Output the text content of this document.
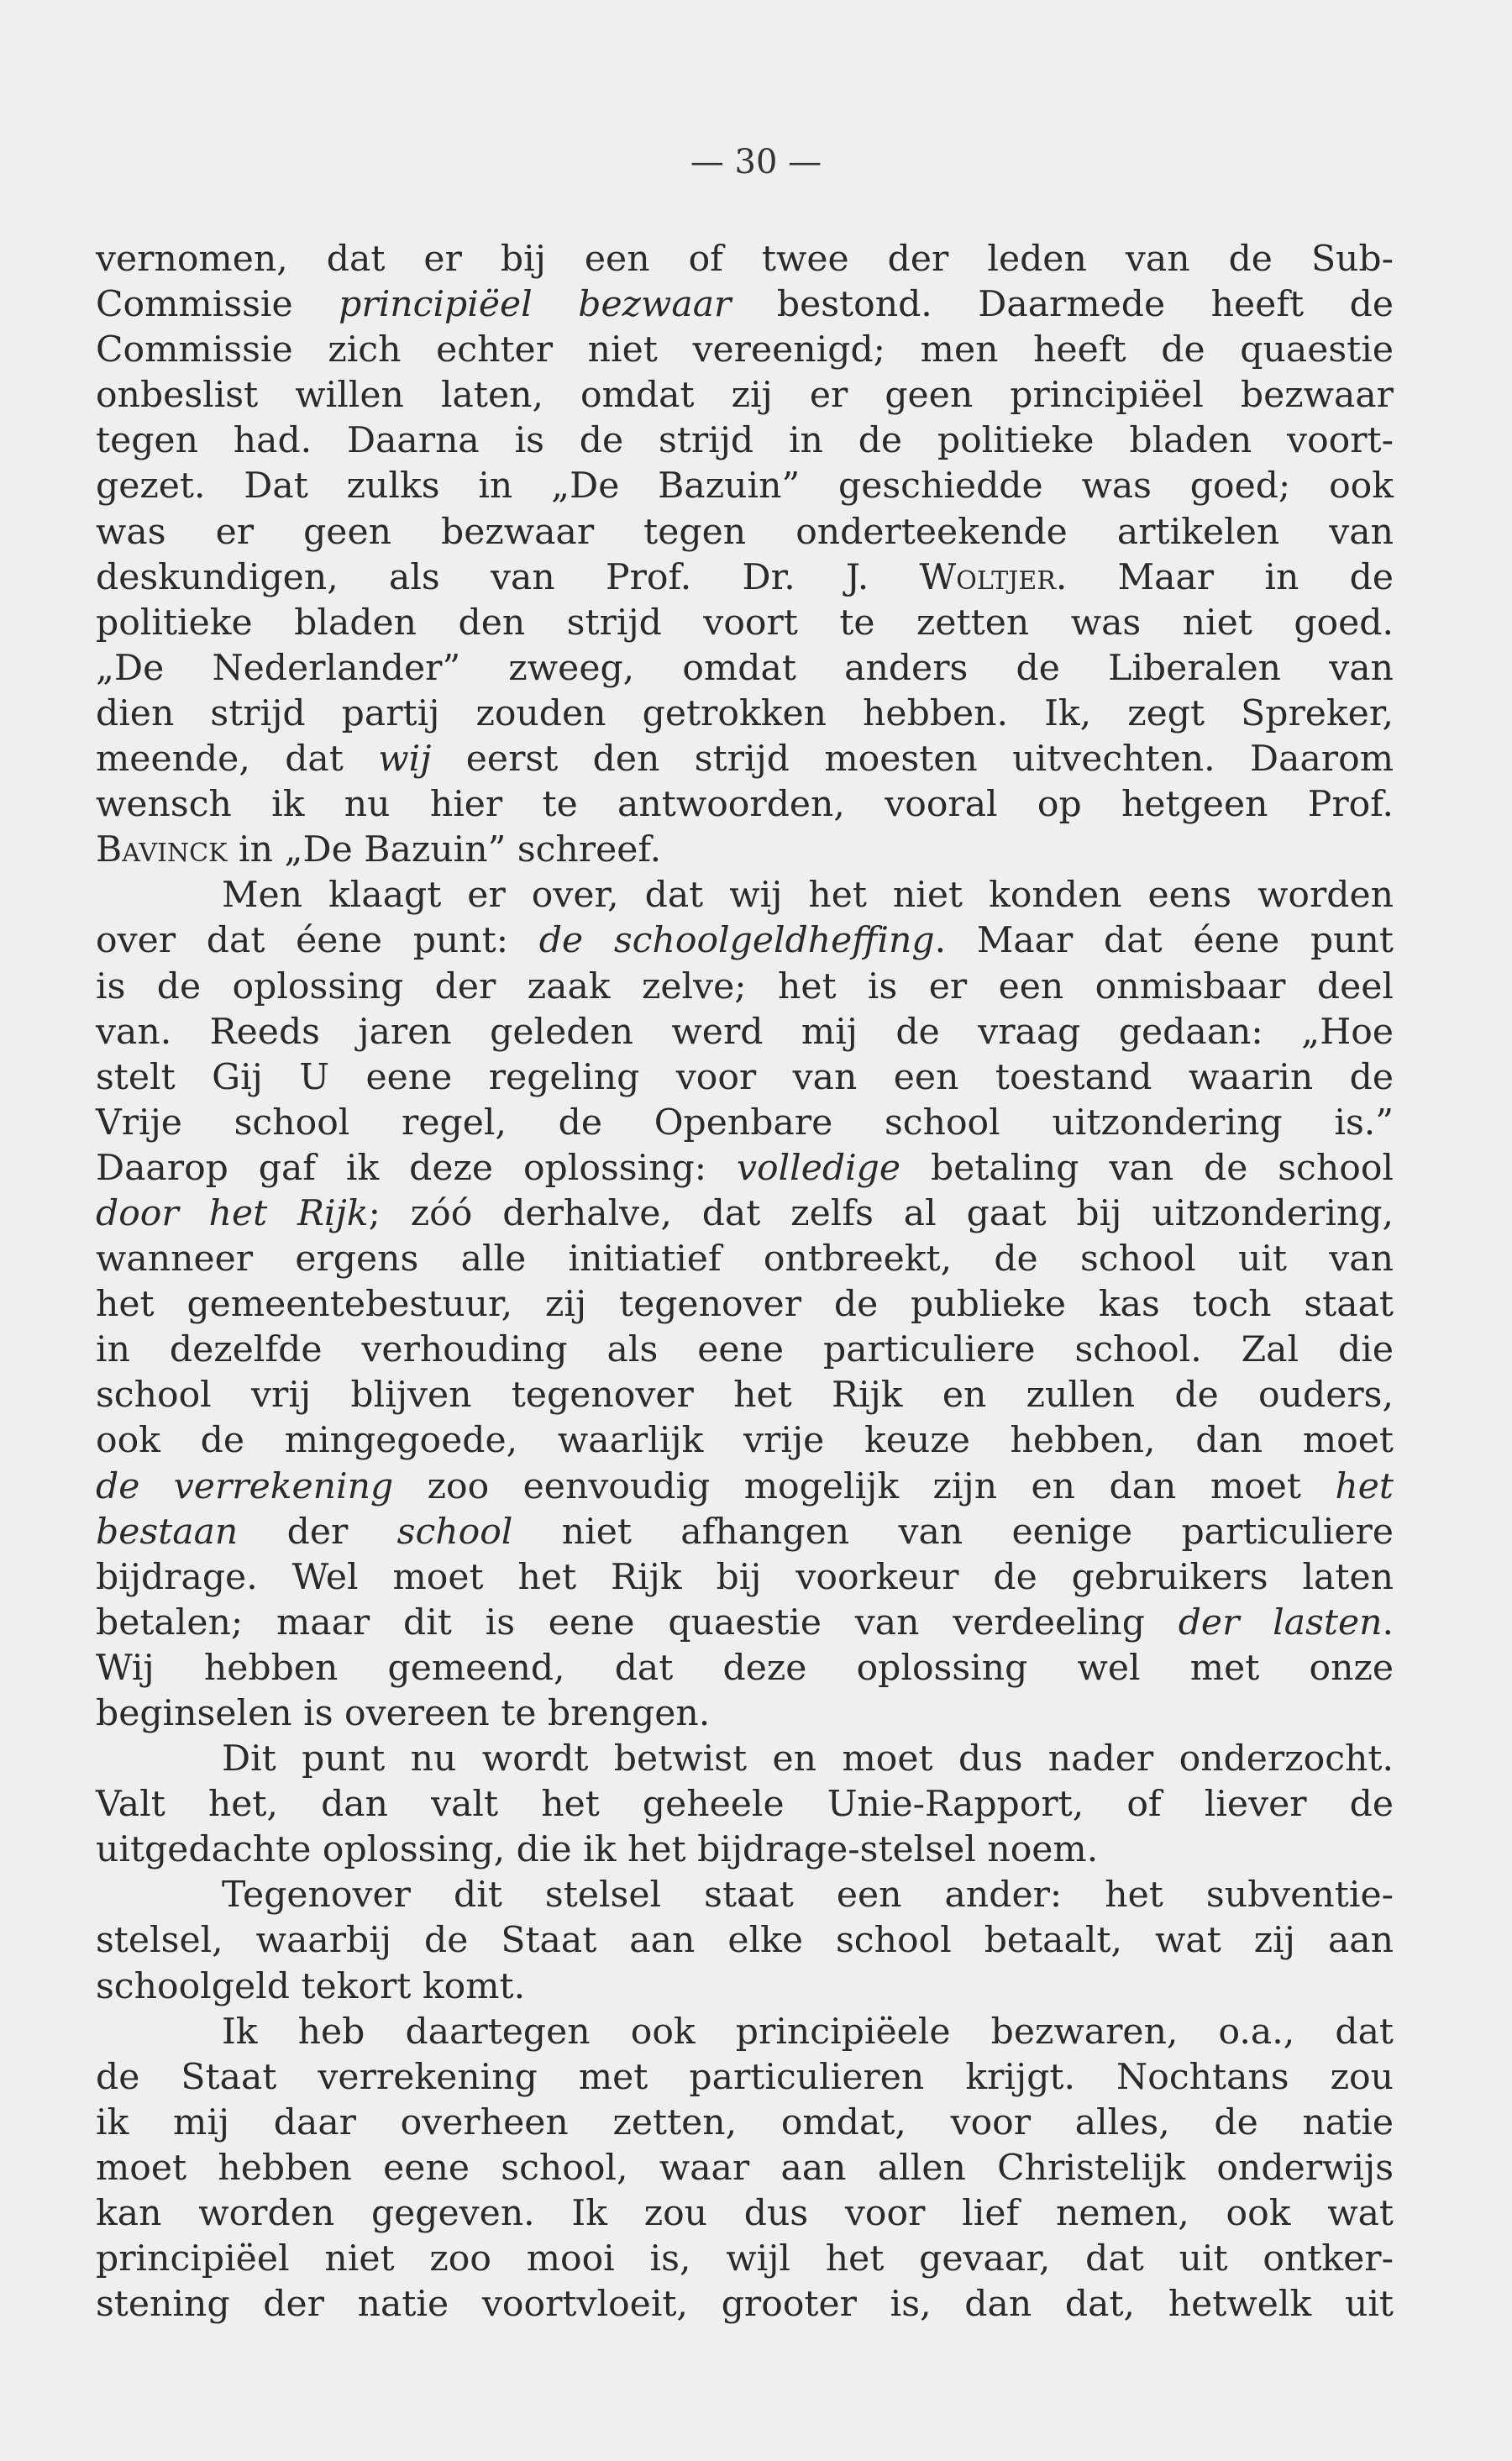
— 30 —
vernomen, dat er bij een of twee der leden van de Sub-
Commissie principiëel bezwaar bestond. Daarmede heeft de
Commissie zich echter niet vereenigd; men heeft de quaestie
onbeslist willen laten, omdat zij er geen principiëel bezwaar
tegen had. Daarna is de strijd in de politieke bladen voort-
gezet. Dat zulks in „De Bazuin” geschiedde was goed; ook
was er geen bezwaar tegen onderteekende artikelen van
deskundigen, als van Prof. Dr. J. Woltjer. Maar in de
politieke bladen den strijd voort te zetten was niet goed.
„De Nederlander” zweeg, omdat anders de Liberalen van
dien strijd partij zouden getrokken hebben. Ik, zegt Spreker,
meende, dat wij eerst den strijd moesten uitvechten. Daarom
wensch ik nu hier te antwoorden, vooral op hetgeen Prof.
Bavinck in „De Bazuin” schreef.
Men klaagt er over, dat wij het niet konden eens worden
over dat éene punt: de schoolgeldheffing. Maar dat éene punt
is de oplossing der zaak zelve; het is er een onmisbaar deel
van. Reeds jaren geleden werd mij de vraag gedaan: „Hoe
stelt Gij U eene regeling voor van een toestand waarin de
Vrije school regel, de Openbare school uitzondering is.”
Daarop gaf ik deze oplossing: volledige betaling van de school
door het Rijk; zóó derhalve, dat zelfs al gaat bij uitzondering,
wanneer ergens alle initiatief ontbreekt, de school uit van
het gemeentebestuur, zij tegenover de publieke kas toch staat
in dezelfde verhouding als eene particuliere school. Zal die
school vrij blijven tegenover het Rijk en zullen de ouders,
ook de mingegoede, waarlijk vrije keuze hebben, dan moet
de verrekening zoo eenvoudig mogelijk zijn en dan moet het
bestaan der school niet afhangen van eenige particuliere
bijdrage. Wel moet het Rijk bij voorkeur de gebruikers laten
betalen; maar dit is eene quaestie van verdeeling der lasten.
Wij hebben gemeend, dat deze oplossing wel met onze
beginselen is overeen te brengen.
Dit punt nu wordt betwist en moet dus nader onderzocht.
Valt het, dan valt het geheele Unie-Rapport, of liever de
uitgedachte oplossing, die ik het bijdrage-stelsel noem.
Tegenover dit stelsel staat een ander: het subventie-
stelsel, waarbij de Staat aan elke school betaalt, wat zij aan
schoolgeld tekort komt.
Ik heb daartegen ook principiëele bezwaren, o.a., dat
de Staat verrekening met particulieren krijgt. Nochtans zou
ik mij daar overheen zetten, omdat, voor alles, de natie
moet hebben eene school, waar aan allen Christelijk onderwijs
kan worden gegeven. Ik zou dus voor lief nemen, ook wat
principiëel niet zoo mooi is, wijl het gevaar, dat uit ontker-
stening der natie voortvloeit, grooter is, dan dat, hetwelk uit
